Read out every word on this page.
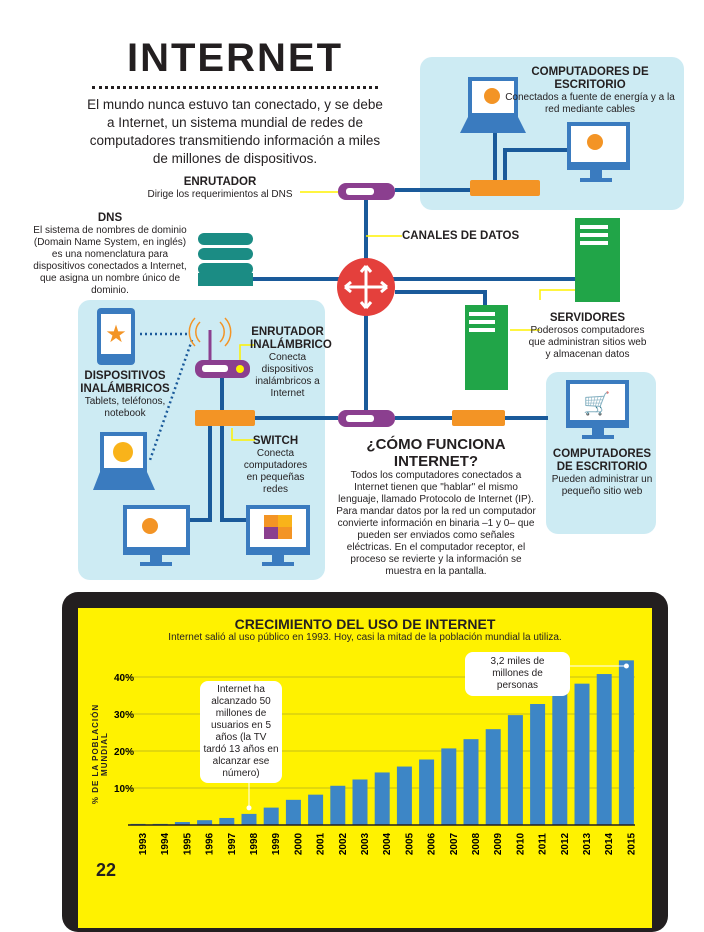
INTERNET
El mundo nunca estuvo tan conectado, y se debe a Internet, un sistema mundial de redes de computadores transmitiendo información a miles de millones de dispositivos.
★
🛒
COMPUTADORES DE ESCRITORIO
Conectados a fuente de energía y a la red mediante cables
ENRUTADOR
Dirige los requerimientos al DNS
DNS
El sistema de nombres de dominio (Domain Name System, en inglés) es una nomenclatura para dispositivos conectados a Internet, que asigna un nombre único de dominio.
CANALES DE DATOS
SERVIDORES
Poderosos computadores que administran sitios web y almacenan datos
ENRUTADOR INALÁMBRICO
Conecta dispositivos inalámbricos a Internet
DISPOSITIVOS INALÁMBRICOS
Tablets, teléfonos, notebook
SWITCH
Conecta computadores en pequeñas redes
COMPUTADORES DE ESCRITORIO
Pueden administrar un pequeño sitio web
¿CÓMO FUNCIONA INTERNET?
Todos los computadores conectados a Internet tienen que "hablar" el mismo lenguaje, llamado Protocolo de Internet (IP). Para mandar datos por la red un computador convierte información en binaria –1 y 0– que pueden ser enviados como señales eléctricas. En el computador receptor, el proceso se revierte y la información se muestra en la pantalla.
CRECIMIENTO DEL USO DE INTERNET
Internet salió al uso público en 1993. Hoy, casi la mitad de la población mundial la utiliza.
% DE LA POBLACIÓN MUNDIAL
22
10%
20%
30%
40%
1993 1994 1995 1996 1997 1998 1999 2000 2001 2002 2003 2004 2005 2006 2007 2008 2009 2010 2011 2012 2013 2014 2015
Internet ha alcanzado 50 millones de usuarios en 5 años (la TV tardó 13 años en alcanzar ese número)
3,2 miles de millones de personas
